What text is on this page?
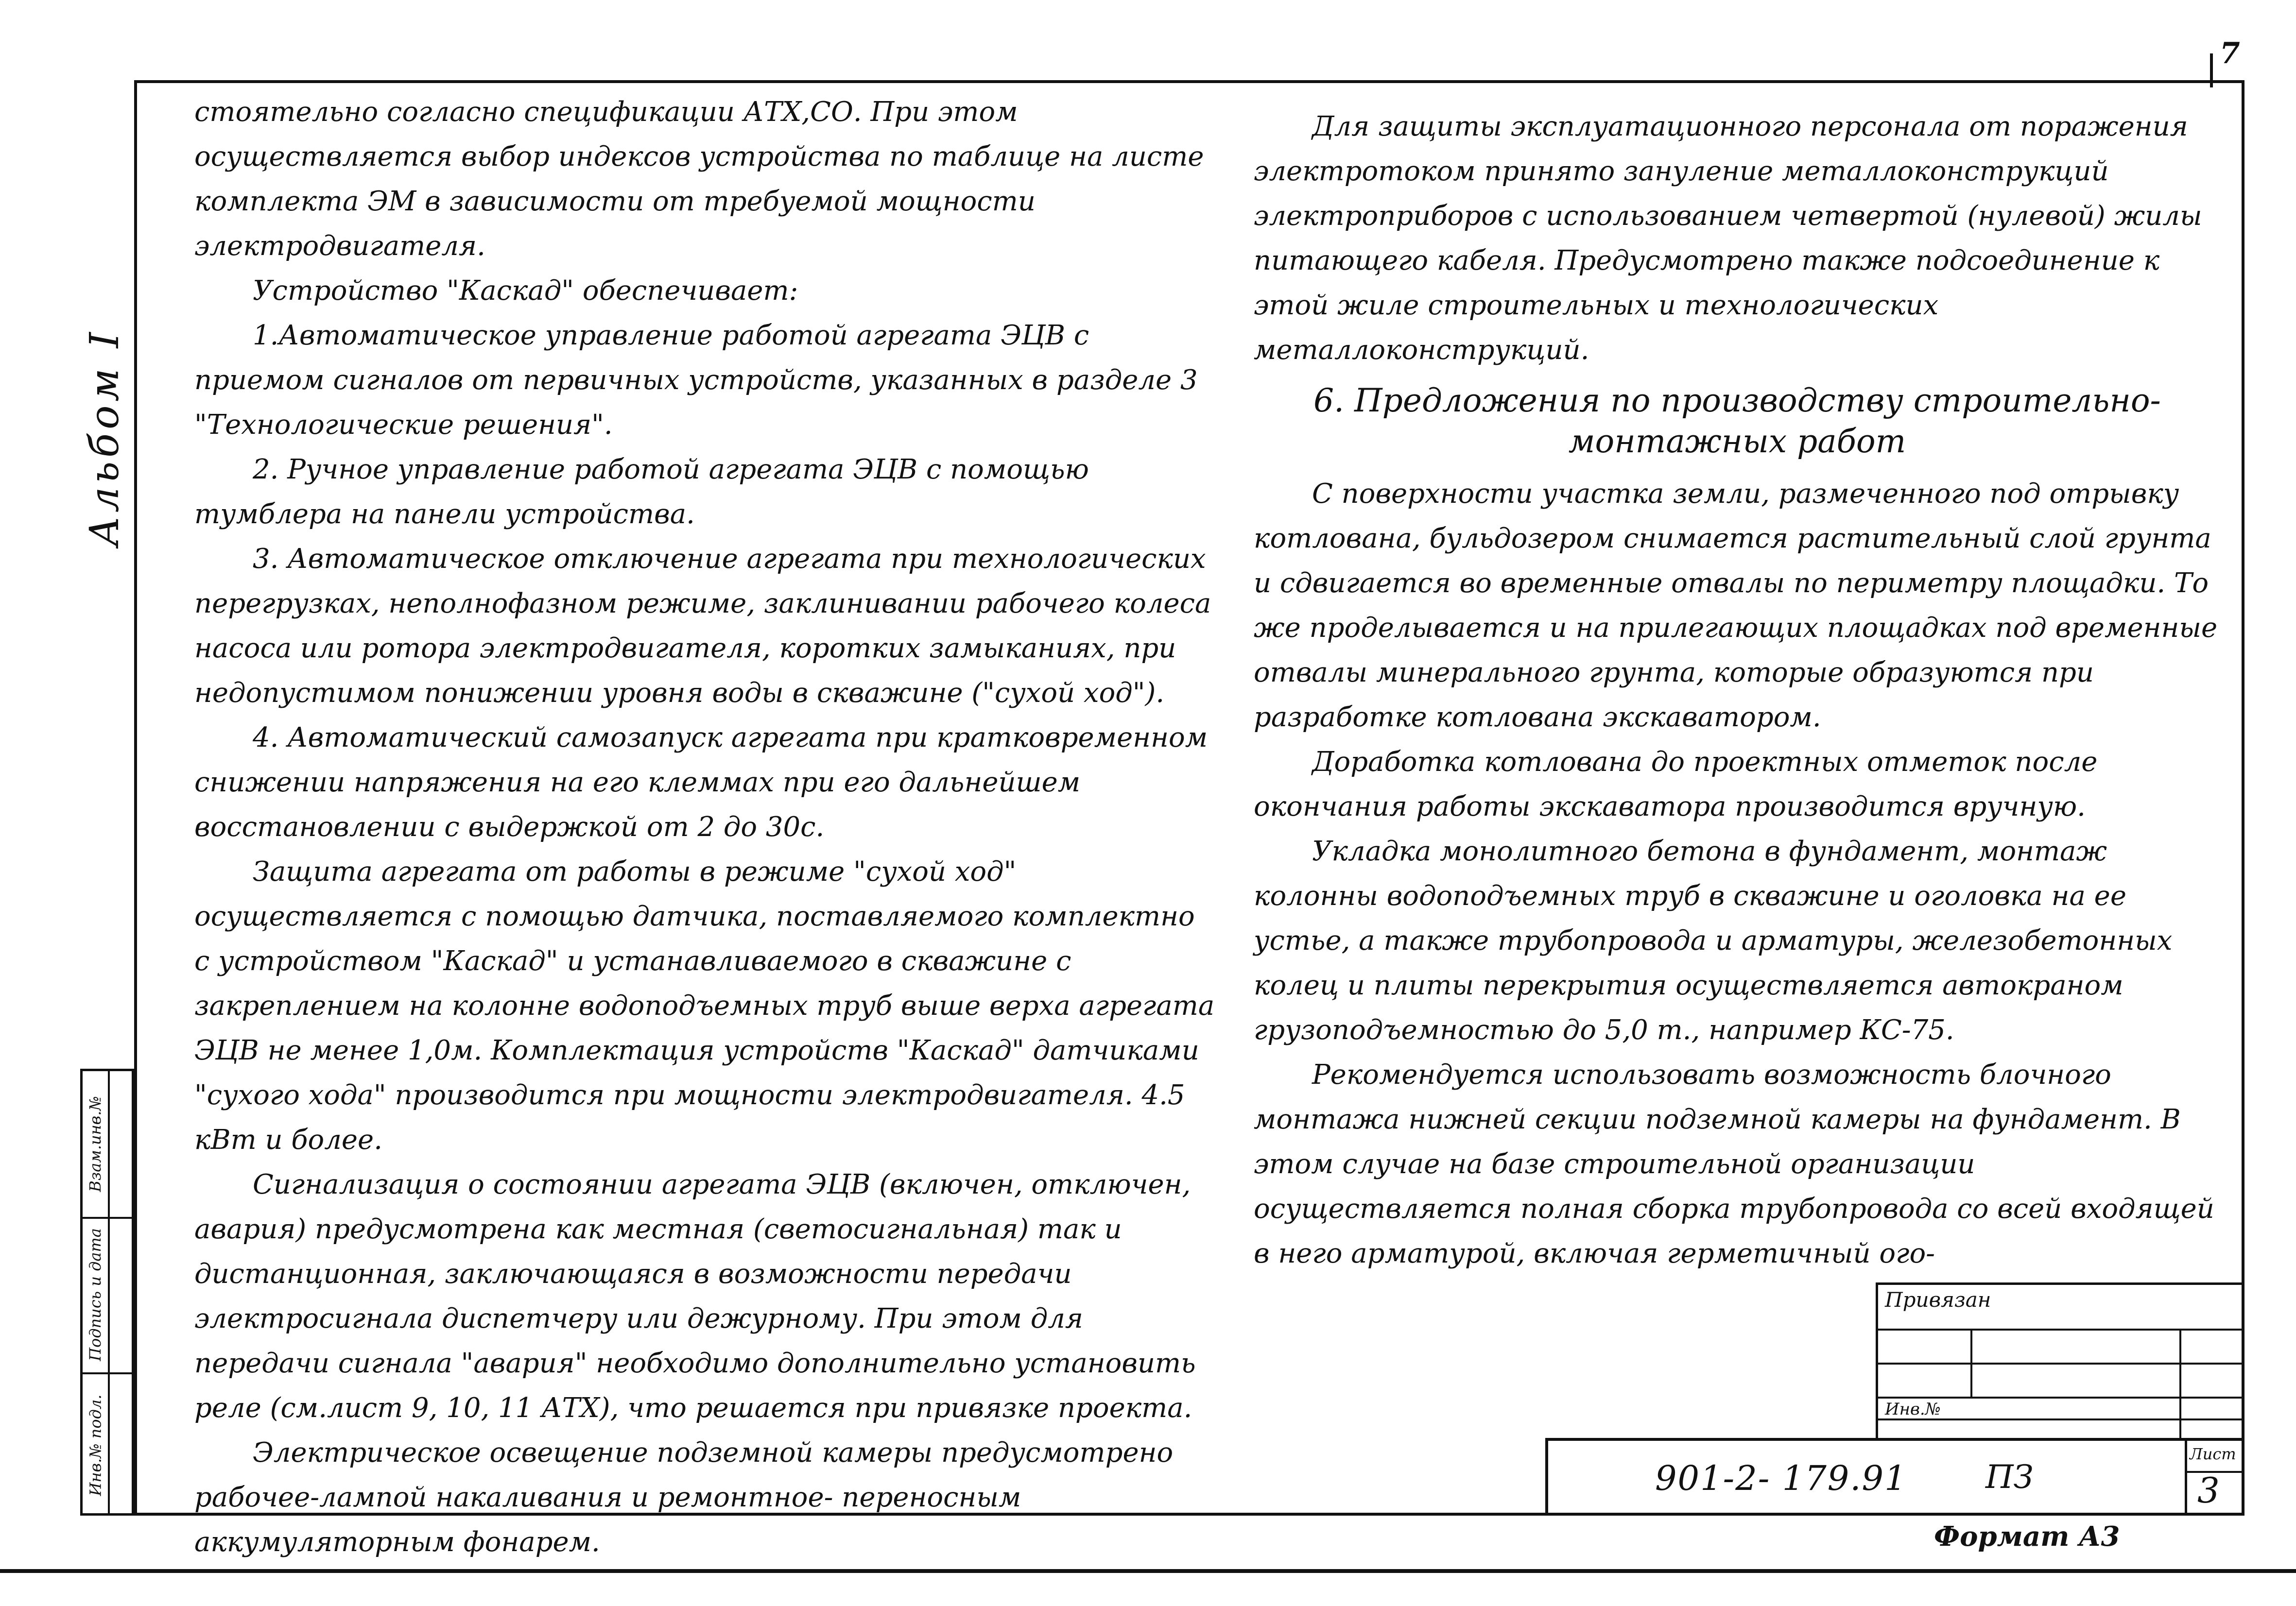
7
Альбом I
Взам.инв.№
Подпись и дата
Инв.№ подл.

стоятельно согласно спецификации АТХ,СО. При этом осуществляется выбор индексов устройства по таблице на листе комплекта ЭМ в зависимости от требуемой мощности электродвигателя.

Устройство "Каскад" обеспечивает:

1.Автоматическое управление работой агрегата ЭЦВ с приемом сигналов от первичных устройств, указанных в разделе 3 "Технологические решения".

2. Ручное управление работой агрегата ЭЦВ с помощью тумблера на панели устройства.

3. Автоматическое отключение агрегата при технологических перегрузках, неполнофазном режиме, заклинивании рабочего колеса насоса или ротора электродвигателя, коротких замыканиях, при недопустимом понижении уровня воды в скважине ("сухой ход").

4. Автоматический самозапуск агрегата при кратковременном снижении напряжения на его клеммах при его дальнейшем восстановлении с выдержкой от 2 до 30с.

Защита агрегата от работы в режиме "сухой ход" осуществляется с помощью датчика, поставляемого комплектно с устройством "Каскад" и устанавливаемого в скважине с закреплением на колонне водоподъемных труб выше верха агрегата ЭЦВ не менее 1,0м. Комплектация устройств "Каскад" датчиками "сухого хода" производится при мощности электродвигателя. 4.5 кВт и более.

Сигнализация о состоянии агрегата ЭЦВ (включен, отключен, авария) предусмотрена как местная (светосигнальная) так и дистанционная, заключающаяся в возможности передачи электросигнала диспетчеру или дежурному. При этом для передачи сигнала "авария" необходимо дополнительно установить реле (см.лист 9, 10, 11 АТХ), что решается при привязке проекта.

Электрическое освещение подземной камеры предусмотрено рабочее-лампой накаливания и ремонтное- переносным аккумуляторным фонарем.

Для защиты эксплуатационного персонала от поражения электротоком принято зануление металлоконструкций электроприборов с использованием четвертой (нулевой) жилы питающего кабеля. Предусмотрено также подсоединение к этой жиле строительных и технологических металлоконструкций.

6. Предложения по производству строительно-монтажных работ

С поверхности участка земли, размеченного под отрывку котлована, бульдозером снимается растительный слой грунта и сдвигается во временные отвалы по периметру площадки. То же проделывается и на прилегающих площадках под временные отвалы минерального грунта, которые образуются при разработке котлована экскаватором.

Доработка котлована до проектных отметок после окончания работы экскаватора производится вручную.

Укладка монолитного бетона в фундамент, монтаж колонны водоподъемных труб в скважине и оголовка на ее устье, а также трубопровода и арматуры, железобетонных колец и плиты перекрытия осуществляется автокраном грузоподъемностью до 5,0 т., например КС-75.

Рекомендуется использовать возможность блочного монтажа нижней секции подземной камеры на фундамент. В этом случае на базе строительной организации осуществляется полная сборка трубопровода со всей входящей в него арматурой, включая герметичный ого-

Привязан
Инв.№
901-2- 179.91 ПЗ
Лист
3
Формат А3
